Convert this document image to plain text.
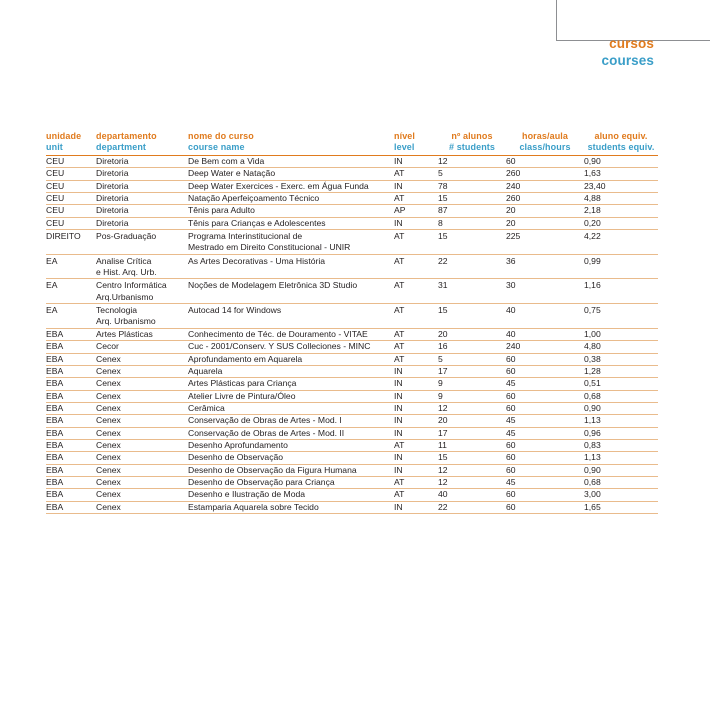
cursos
courses
unidade	departamento	nome do curso	nível	nº alunos	horas/aula	aluno equiv.
unit	department	course name	level	# students	class/hours	students equiv.
CEU	Diretoria	De Bem com a Vida	IN	12	60	0,90
CEU	Diretoria	Deep Water e Natação	AT	5	260	1,63
CEU	Diretoria	Deep Water Exercices - Exerc. em Água Funda	IN	78	240	23,40
CEU	Diretoria	Natação Aperfeiçoamento Técnico	AT	15	260	4,88
CEU	Diretoria	Tênis para Adulto	AP	87	20	2,18
CEU	Diretoria	Tênis para Crianças e Adolescentes	IN	8	20	0,20
DIREITO	Pos-Graduação	Programa Interinstitucional de	AT	15	225	4,22
		Mestrado em Direito Constitucional - UNIR				
EA	Analise Crítica	As Artes Decorativas - Uma História	AT	22	36	0,99
	e Hist. Arq. Urb.					
EA	Centro Informática	Noções de Modelagem Eletrônica 3D Studio	AT	31	30	1,16
	Arq.Urbanismo					
EA	Tecnologia	Autocad 14 for Windows	AT	15	40	0,75
	Arq. Urbanismo					
EBA	Artes Plásticas	Conhecimento de Téc. de Douramento - VITAE	AT	20	40	1,00
EBA	Cecor	Cuc - 2001/Conserv. Y SUS Colleciones - MINC	AT	16	240	4,80
EBA	Cenex	Aprofundamento em Aquarela	AT	5	60	0,38
EBA	Cenex	Aquarela	IN	17	60	1,28
EBA	Cenex	Artes Plásticas para Criança	IN	9	45	0,51
EBA	Cenex	Atelier Livre de Pintura/Óleo	IN	9	60	0,68
EBA	Cenex	Cerâmica	IN	12	60	0,90
EBA	Cenex	Conservação de Obras de Artes - Mod. I	IN	20	45	1,13
EBA	Cenex	Conservação de Obras de Artes - Mod. II	IN	17	45	0,96
EBA	Cenex	Desenho Aprofundamento	AT	11	60	0,83
EBA	Cenex	Desenho de Observação	IN	15	60	1,13
EBA	Cenex	Desenho de Observação da Figura Humana	IN	12	60	0,90
EBA	Cenex	Desenho de Observação para Criança	AT	12	45	0,68
EBA	Cenex	Desenho e Ilustração de Moda	AT	40	60	3,00
EBA	Cenex	Estamparia Aquarela sobre Tecido	IN	22	60	1,65
